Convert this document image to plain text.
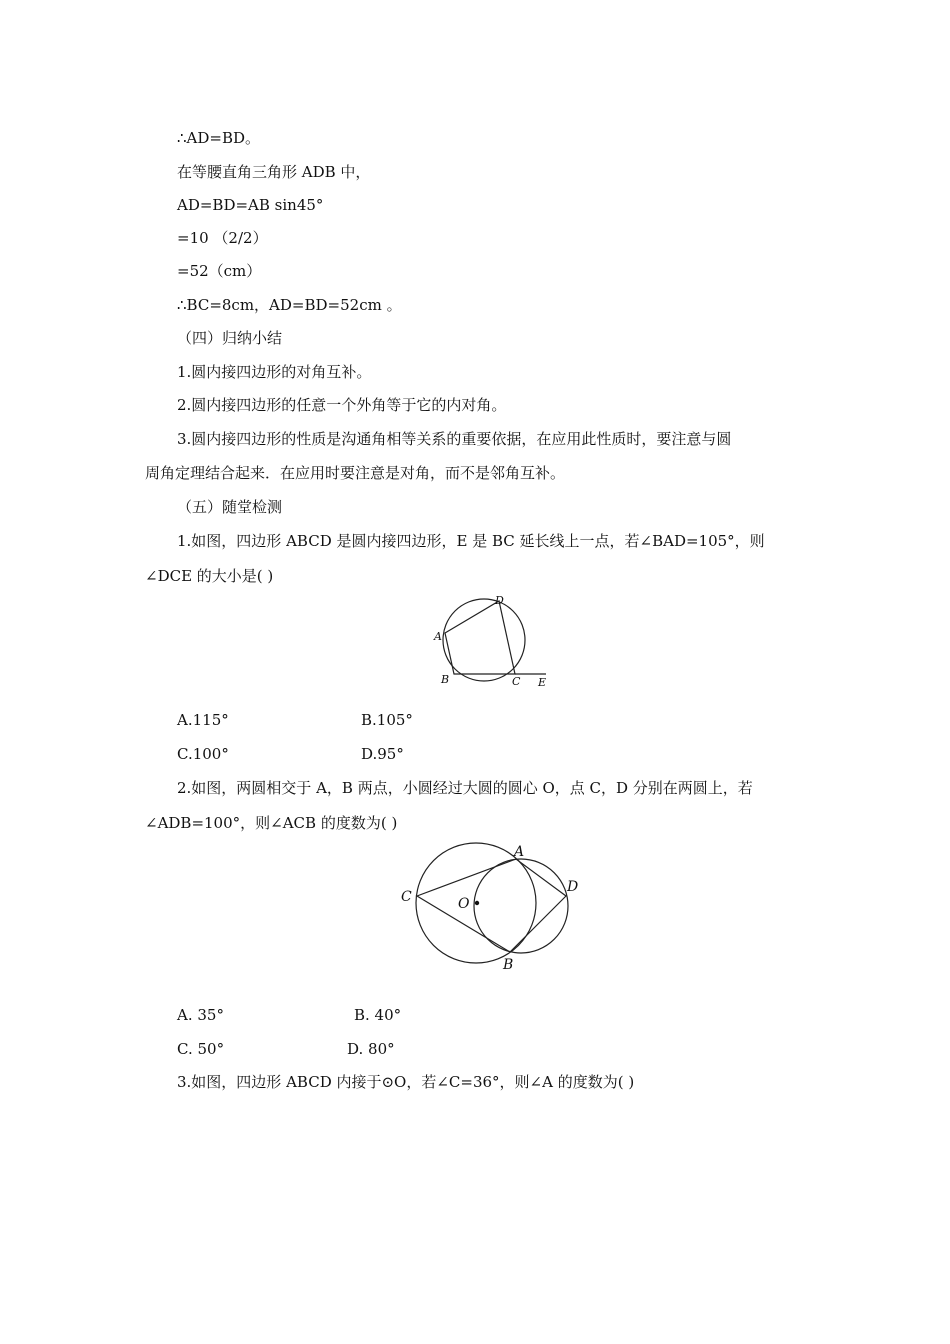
∴AD=BD。
在等腰直角三角形 ADB 中，
AD=BD=AB sin45°
=10 （2/2）
=52（cm）
∴BC=8cm，AD=BD=52cm 。
（四）归纳小结
1.圆内接四边形的对角互补。
2.圆内接四边形的任意一个外角等于它的内对角。
3.圆内接四边形的性质是沟通角相等关系的重要依据，在应用此性质时，要注意与圆
周角定理结合起来．在应用时要注意是对角，而不是邻角互补。
（五）随堂检测
1.如图，四边形 ABCD 是圆内接四边形，E 是 BC 延长线上一点，若∠BAD=105°，则
∠DCE 的大小是( )
A
B	C
D
E
A.115°	B.105°
C.100°	D.95°
2.如图，两圆相交于 A，B 两点，小圆经过大圆的圆心 O，点 C，D 分别在两圆上，若
∠ADB=100°，则∠ACB 的度数为( )
A
B
C
D
O
A. 35°	B. 40°
C. 50°	D. 80°
3.如图，四边形 ABCD 内接于⊙O，若∠C=36°，则∠A 的度数为( )
